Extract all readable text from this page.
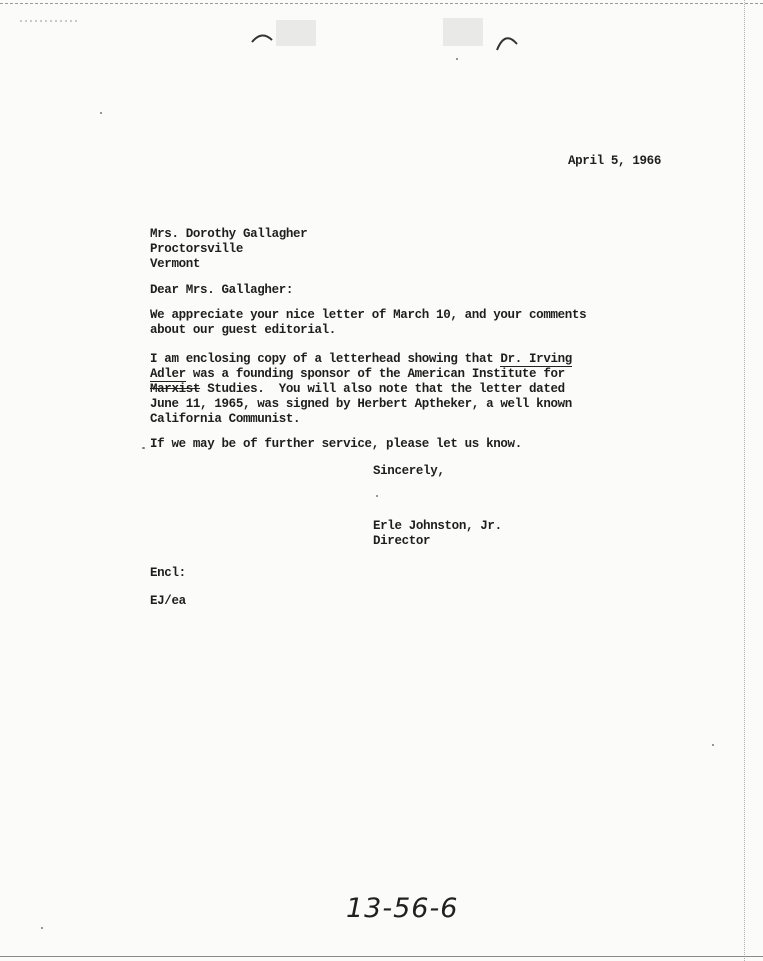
April 5, 1966
Mrs. Dorothy Gallagher
Proctorsville
Vermont
Dear Mrs. Gallagher:
We appreciate your nice letter of March 10, and your comments
about our guest editorial.
I am enclosing copy of a letterhead showing that Dr. Irving
Adler was a founding sponsor of the American Institute for
Marxist Studies.  You will also note that the letter dated
June 11, 1965, was signed by Herbert Aptheker, a well known
California Communist.
If we may be of further service, please let us know.
Sincerely,
Erle Johnston, Jr.
Director
Encl:
EJ/ea
13-56-6
